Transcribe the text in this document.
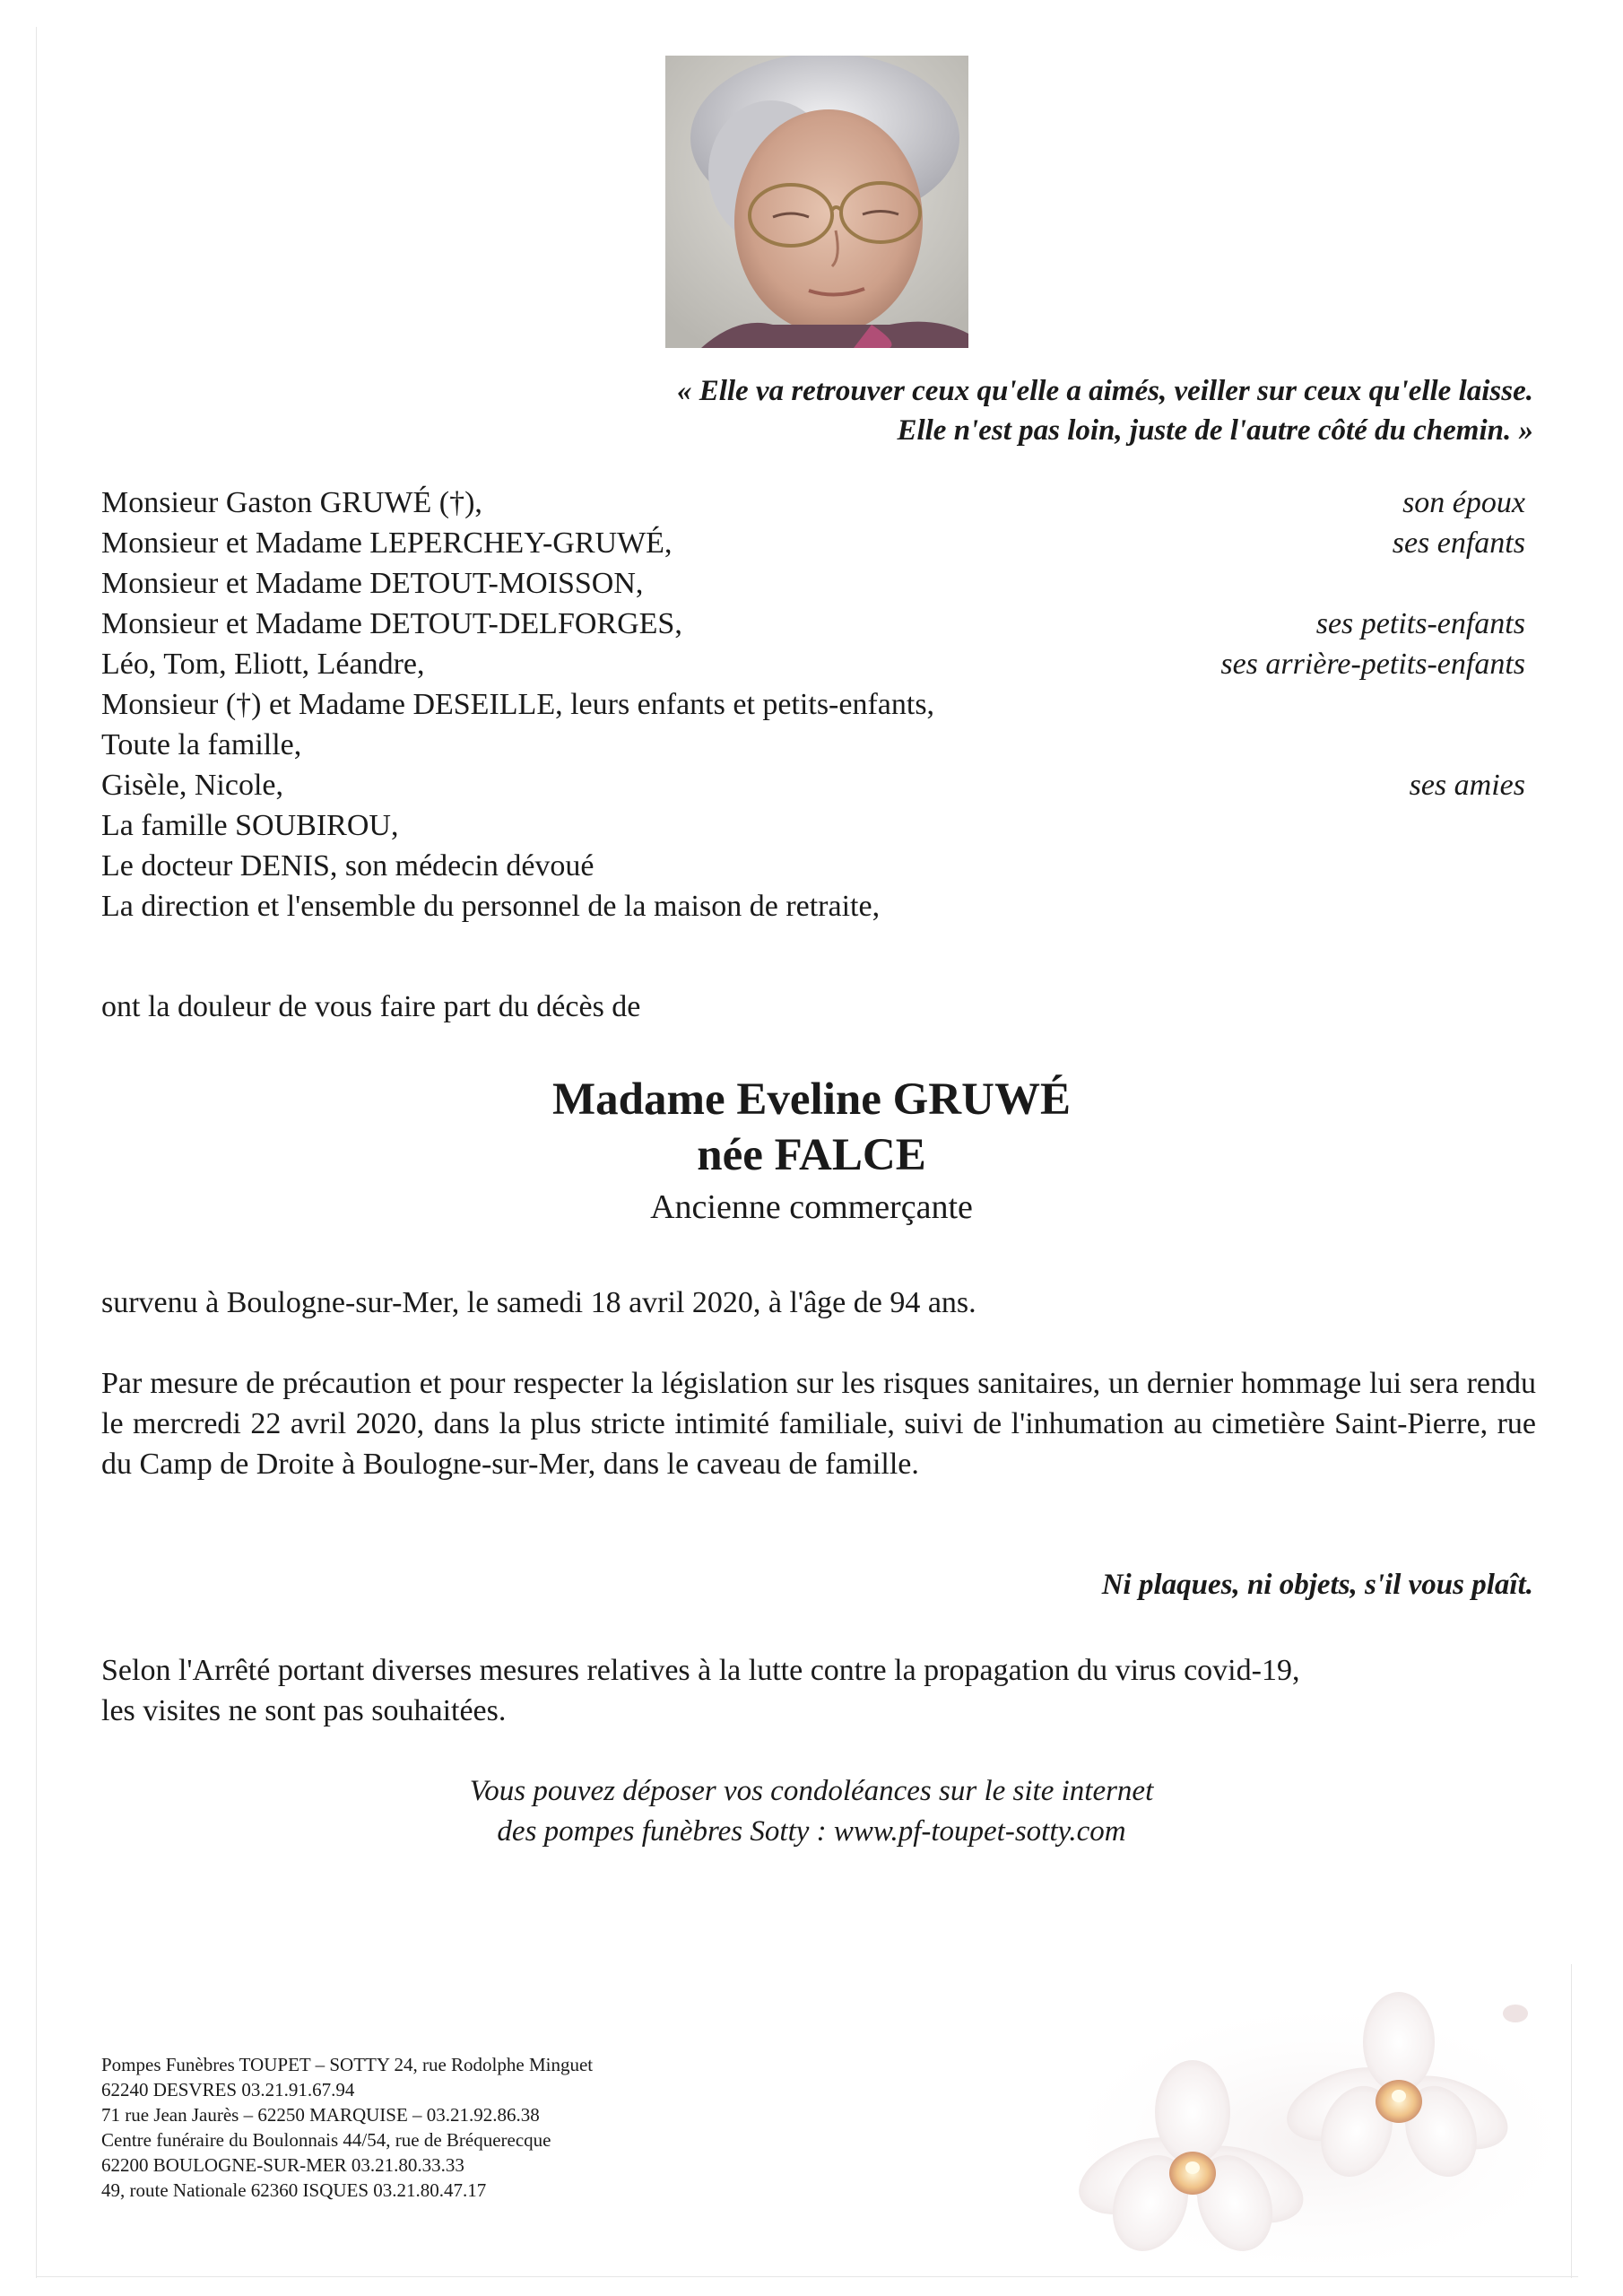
« Elle va retrouver ceux qu'elle a aimés, veiller sur ceux qu'elle laisse.
Elle n'est pas loin, juste de l'autre côté du chemin. »
Monsieur Gaston GRUWÉ (†),	son époux
Monsieur et Madame LEPERCHEY-GRUWÉ,	ses enfants
Monsieur et Madame DETOUT-MOISSON,
Monsieur et Madame DETOUT-DELFORGES,	ses petits-enfants
Léo, Tom, Eliott, Léandre,	ses arrière-petits-enfants
Monsieur (†) et Madame DESEILLE, leurs enfants et petits-enfants,
Toute la famille,
Gisèle, Nicole,	ses amies
La famille SOUBIROU,
Le docteur DENIS, son médecin dévoué
La direction et l'ensemble du personnel de la maison de retraite,
ont la douleur de vous faire part du décès de
Madame Eveline GRUWÉ
née FALCE
Ancienne commerçante
survenu à Boulogne-sur-Mer, le samedi 18 avril 2020, à l'âge de 94 ans.
Par mesure de précaution et pour respecter la législation sur les risques sanitaires, un dernier hommage lui sera rendu le mercredi 22 avril 2020, dans la plus stricte intimité familiale, suivi de l'inhumation au cimetière Saint-Pierre, rue du Camp de Droite à Boulogne-sur-Mer, dans le caveau de famille.
Ni plaques, ni objets, s'il vous plaît.
Selon l'Arrêté portant diverses mesures relatives à la lutte contre la propagation du virus covid-19,
les visites ne sont pas souhaitées.
Vous pouvez déposer vos condoléances sur le site internet
des pompes funèbres Sotty : www.pf-toupet-sotty.com
Pompes Funèbres TOUPET – SOTTY 24, rue Rodolphe Minguet
62240 DESVRES 03.21.91.67.94
71 rue Jean Jaurès – 62250 MARQUISE – 03.21.92.86.38
Centre funéraire du Boulonnais 44/54, rue de Bréquerecque
62200 BOULOGNE-SUR-MER 03.21.80.33.33
49, route Nationale 62360 ISQUES 03.21.80.47.17
